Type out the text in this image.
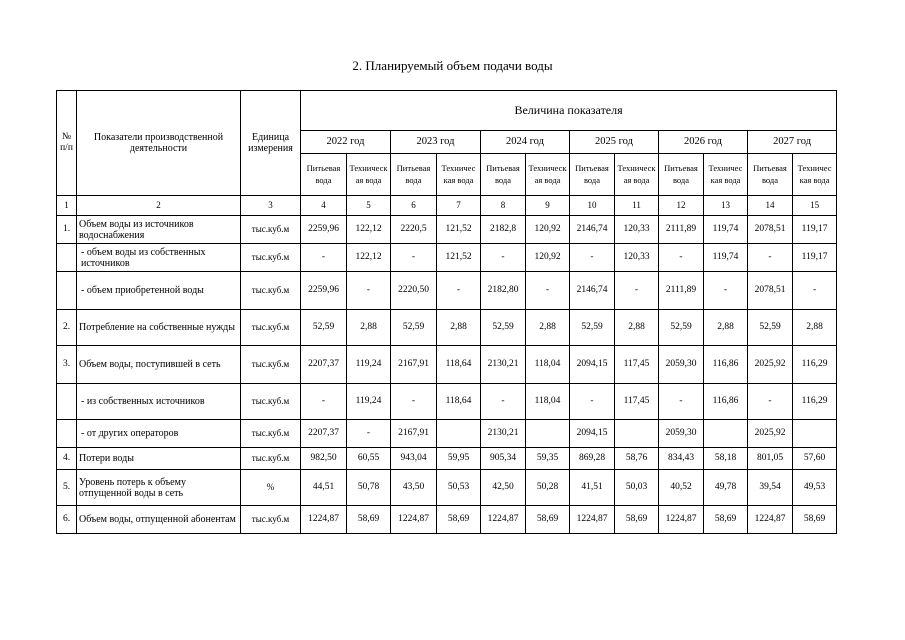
2. Планируемый объем подачи воды
№ п/п	Показатели производственной деятельности	Единица измерения	Величина показателя											
			2022 год		2023 год		2024 год		2025 год		2026 год		2027 год	
			Питьевая вода	Техническ ая вода	Питьевая вода	Техничес кая вода	Питьевая вода	Техническ ая вода	Питьевая вода	Техническ ая вода	Питьевая вода	Техничес кая вода	Питьевая вода	Техничес кая вода
1	2	3	4	5	6	7	8	9	10	11	12	13	14	15
1.	Объем воды из источников водоснабжения	тыс.куб.м	2259,96	122,12	2220,5	121,52	2182,8	120,92	2146,74	120,33	2111,89	119,74	2078,51	119,17
	- объем воды из собственных источников	тыс.куб.м	-	122,12	-	121,52	-	120,92	-	120,33	-	119,74	-	119,17
	- объем приобретенной воды	тыс.куб.м	2259,96	-	2220,50	-	2182,80	-	2146,74	-	2111,89	-	2078,51	-
2.	Потребление на собственные нужды	тыс.куб.м	52,59	2,88	52,59	2,88	52,59	2,88	52,59	2,88	52,59	2,88	52,59	2,88
3.	Объем воды, поступившей в сеть	тыс.куб.м	2207,37	119,24	2167,91	118,64	2130,21	118,04	2094,15	117,45	2059,30	116,86	2025,92	116,29
	- из собственных источников	тыс.куб.м	-	119,24	-	118,64	-	118,04	-	117,45	-	116,86	-	116,29
	- от других операторов	тыс.куб.м	2207,37	-	2167,91		2130,21		2094,15		2059,30		2025,92	
4.	Потери воды	тыс.куб.м	982,50	60,55	943,04	59,95	905,34	59,35	869,28	58,76	834,43	58,18	801,05	57,60
5.	Уровень потерь к объему отпущенной воды в сеть	%	44,51	50,78	43,50	50,53	42,50	50,28	41,51	50,03	40,52	49,78	39,54	49,53
6.	Объем воды, отпущенной абонентам	тыс.куб.м	1224,87	58,69	1224,87	58,69	1224,87	58,69	1224,87	58,69	1224,87	58,69	1224,87	58,69
